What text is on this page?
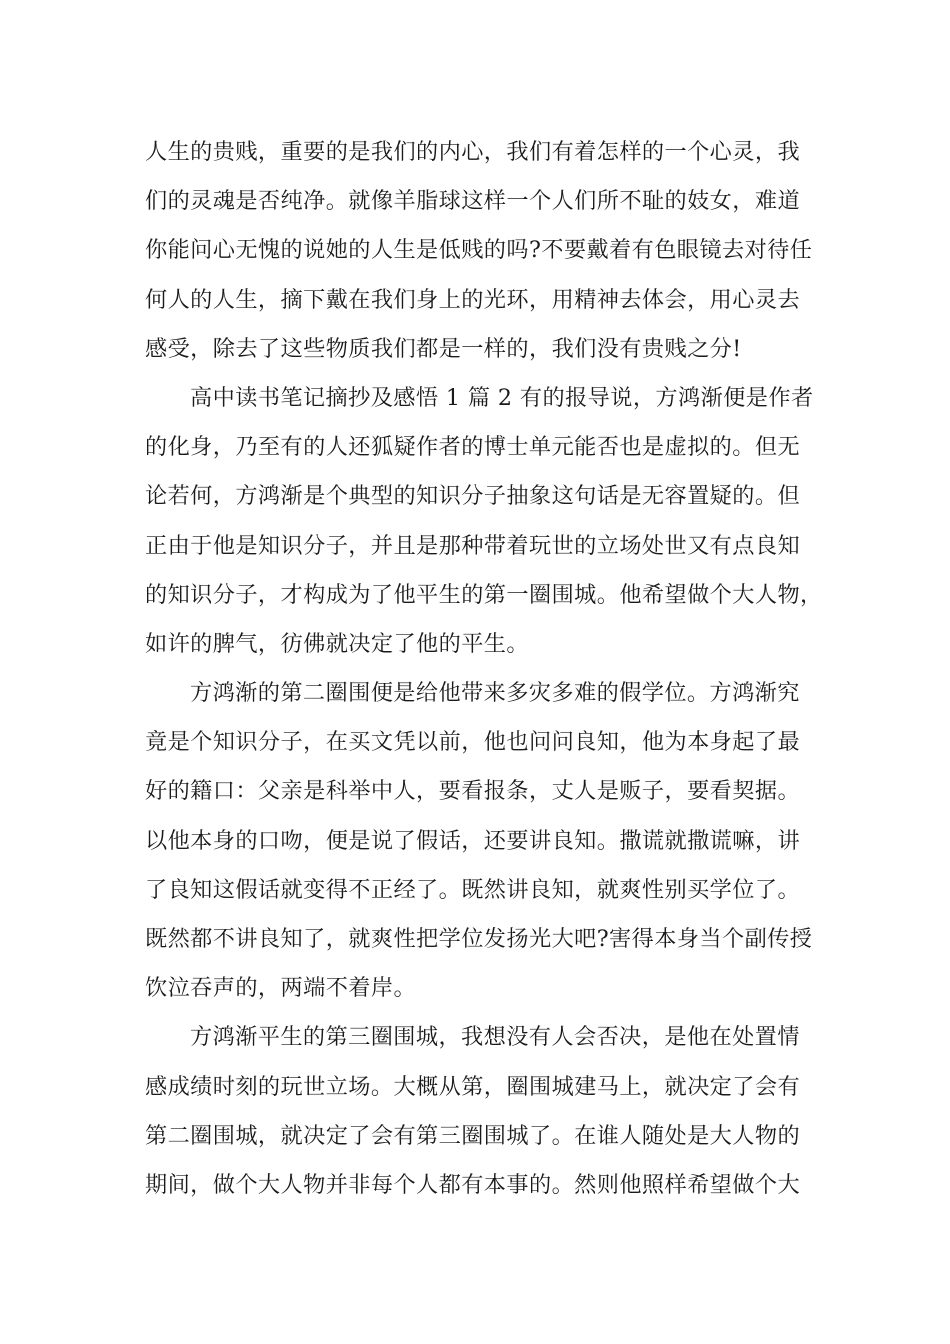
人生的贵贱，重要的是我们的内心，我们有着怎样的一个心灵，我
们的灵魂是否纯净。就像羊脂球这样一个人们所不耻的妓女，难道
你能问心无愧的说她的人生是低贱的吗?不要戴着有色眼镜去对待任
何人的人生，摘下戴在我们身上的光环，用精神去体会，用心灵去
感受，除去了这些物质我们都是一样的，我们没有贵贱之分!
高中读书笔记摘抄及感悟 1 篇 2 有的报导说，方鸿渐便是作者
的化身，乃至有的人还狐疑作者的博士单元能否也是虚拟的。但无
论若何，方鸿渐是个典型的知识分子抽象这句话是无容置疑的。但
正由于他是知识分子，并且是那种带着玩世的立场处世又有点良知
的知识分子，才构成为了他平生的第一圈围城。他希望做个大人物，
如许的脾气，彷佛就决定了他的平生。
方鸿渐的第二圈围便是给他带来多灾多难的假学位。方鸿渐究
竟是个知识分子，在买文凭以前，他也问问良知，他为本身起了最
好的籍口：父亲是科举中人，要看报条，丈人是贩子，要看契据。
以他本身的口吻，便是说了假话，还要讲良知。撒谎就撒谎嘛，讲
了良知这假话就变得不正经了。既然讲良知，就爽性别买学位了。
既然都不讲良知了，就爽性把学位发扬光大吧?害得本身当个副传授
饮泣吞声的，两端不着岸。
方鸿渐平生的第三圈围城，我想没有人会否决，是他在处置情
感成绩时刻的玩世立场。大概从第，圈围城建马上，就决定了会有
第二圈围城，就决定了会有第三圈围城了。在谁人随处是大人物的
期间，做个大人物并非每个人都有本事的。然则他照样希望做个大
